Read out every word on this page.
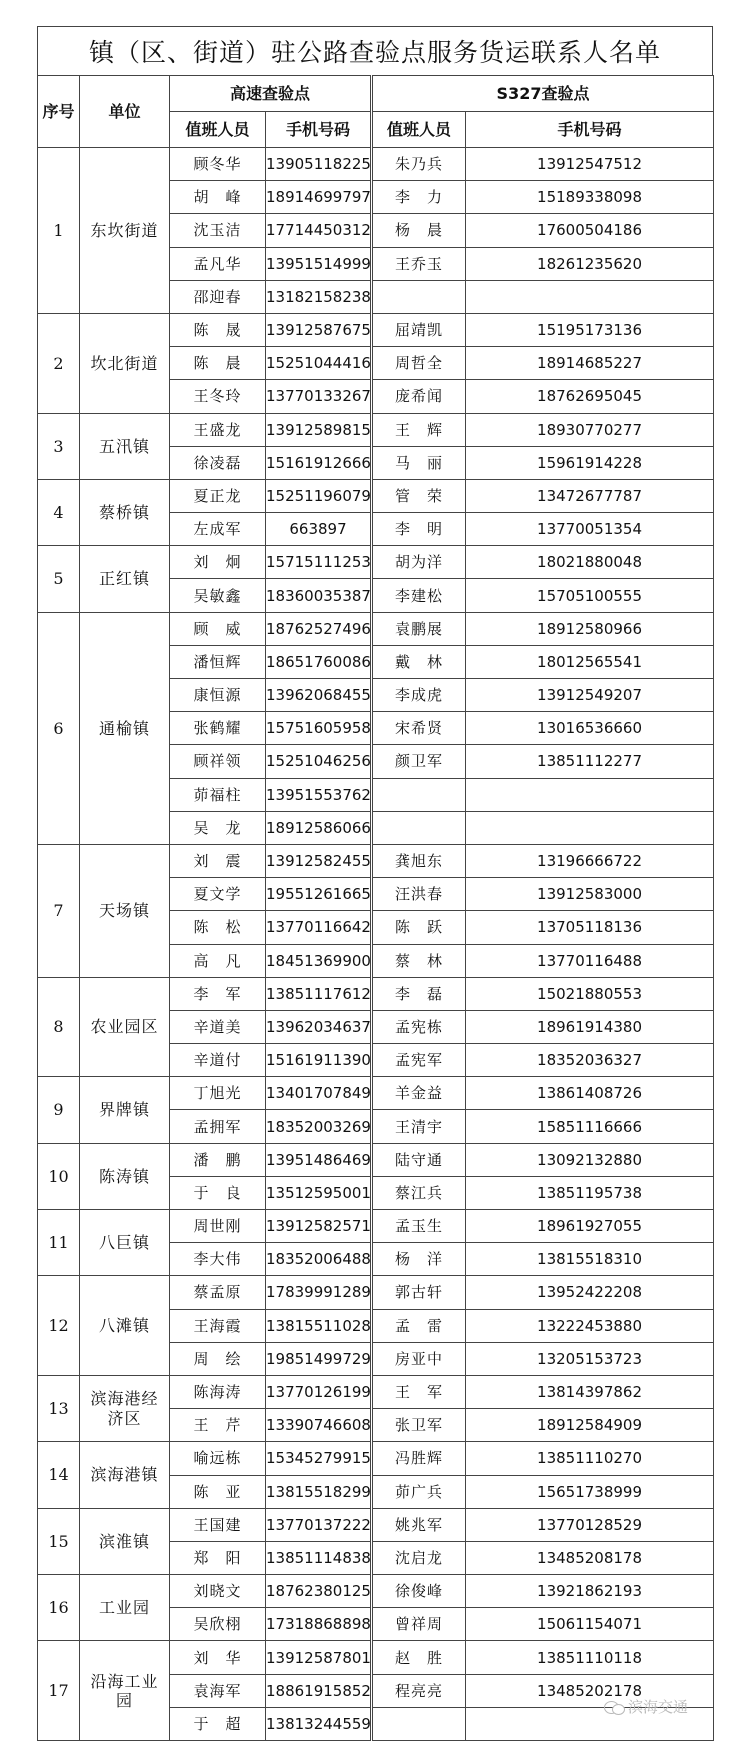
镇（区、街道）驻公路查验点服务货运联系人名单
序号	单位	高速查验点		S327查验点	
		值班人员	手机号码	值班人员	手机号码
1	东坎街道	顾冬华	13905118225	朱乃兵	13912547512
		胡　峰	18914699797	李　力	15189338098
		沈玉洁	17714450312	杨　晨	17600504186
		孟凡华	13951514999	王乔玉	18261235620
		邵迎春	13182158238		
2	坎北街道	陈　晟	13912587675	屈靖凯	15195173136
		陈　晨	15251044416	周哲全	18914685227
		王冬玲	13770133267	庞希闻	18762695045
3	五汛镇	王盛龙	13912589815	王　辉	18930770277
		徐凌磊	15161912666	马　丽	15961914228
4	蔡桥镇	夏正龙	15251196079	管　荣	13472677787
		左成军	663897	李　明	13770051354
5	正红镇	刘　炯	15715111253	胡为洋	18021880048
		吴敏鑫	18360035387	李建松	15705100555
6	通榆镇	顾　威	18762527496	袁鹏展	18912580966
		潘恒辉	18651760086	戴　林	18012565541
		康恒源	13962068455	李成虎	13912549207
		张鹤耀	15751605958	宋希贤	13016536660
		顾祥领	15251046256	颜卫军	13851112277
		茆福柱	13951553762		
		吴　龙	18912586066		
7	天场镇	刘　震	13912582455	龚旭东	13196666722
		夏文学	19551261665	汪洪春	13912583000
		陈　松	13770116642	陈　跃	13705118136
		高　凡	18451369900	蔡　林	13770116488
8	农业园区	李　军	13851117612	李　磊	15021880553
		辛道美	13962034637	孟宪栋	18961914380
		辛道付	15161911390	孟宪军	18352036327
9	界牌镇	丁旭光	13401707849	羊金益	13861408726
		孟拥军	18352003269	王清宇	15851116666
10	陈涛镇	潘　鹏	13951486469	陆守通	13092132880
		于　良	13512595001	蔡江兵	13851195738
11	八巨镇	周世刚	13912582571	孟玉生	18961927055
		李大伟	18352006488	杨　洋	13815518310
12	八滩镇	蔡孟原	17839991289	郭古轩	13952422208
		王海霞	13815511028	孟　雷	13222453880
		周　绘	19851499729	房亚中	13205153723
13	滨海港经济区	陈海涛	13770126199	王　军	13814397862
		王　芹	13390746608	张卫军	18912584909
14	滨海港镇	喻远栋	15345279915	冯胜辉	13851110270
		陈　亚	13815518299	茆广兵	15651738999
15	滨淮镇	王国建	13770137222	姚兆军	13770128529
		郑　阳	13851114838	沈启龙	13485208178
16	工业园	刘晓文	18762380125	徐俊峰	13921862193
		吴欣栩	17318868898	曾祥周	15061154071
17	沿海工业园	刘　华	13912587801	赵　胜	13851110118
		袁海军	18861915852	程亮亮	13485202178
		于　超	13813244559		
滨海交通
